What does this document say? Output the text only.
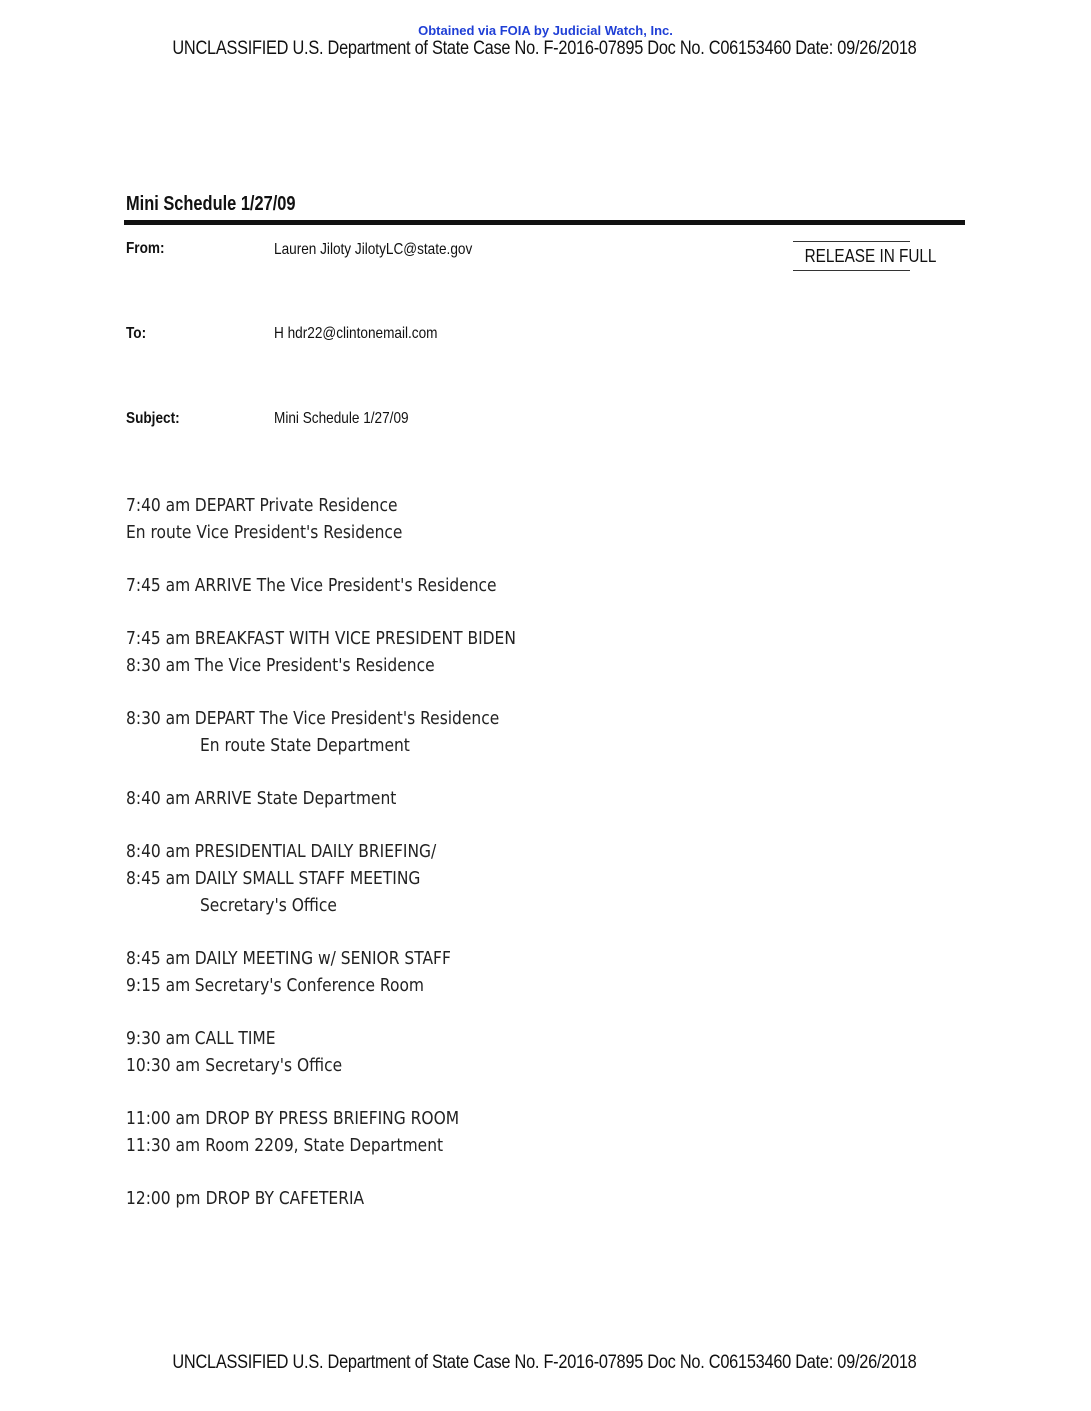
Obtained via FOIA by Judicial Watch, Inc.
UNCLASSIFIED U.S. Department of State Case No. F-2016-07895 Doc No. C06153460 Date: 09/26/2018
Mini Schedule 1/27/09
From:	Lauren Jiloty JilotyLC@state.gov	RELEASE IN FULL
To:	H hdr22@clintonemail.com
Subject:	Mini Schedule 1/27/09
7:40 am DEPART Private Residence
En route Vice President's Residence
7:45 am ARRIVE The Vice President's Residence
7:45 am BREAKFAST WITH VICE PRESIDENT BIDEN
8:30 am The Vice President's Residence
8:30 am DEPART The Vice President's Residence
En route State Department
8:40 am ARRIVE State Department
8:40 am PRESIDENTIAL DAILY BRIEFING/
8:45 am DAILY SMALL STAFF MEETING
Secretary's Office
8:45 am DAILY MEETING w/ SENIOR STAFF
9:15 am Secretary's Conference Room
9:30 am CALL TIME
10:30 am Secretary's Office
11:00 am DROP BY PRESS BRIEFING ROOM
11:30 am Room 2209, State Department
12:00 pm DROP BY CAFETERIA
UNCLASSIFIED U.S. Department of State Case No. F-2016-07895 Doc No. C06153460 Date: 09/26/2018
